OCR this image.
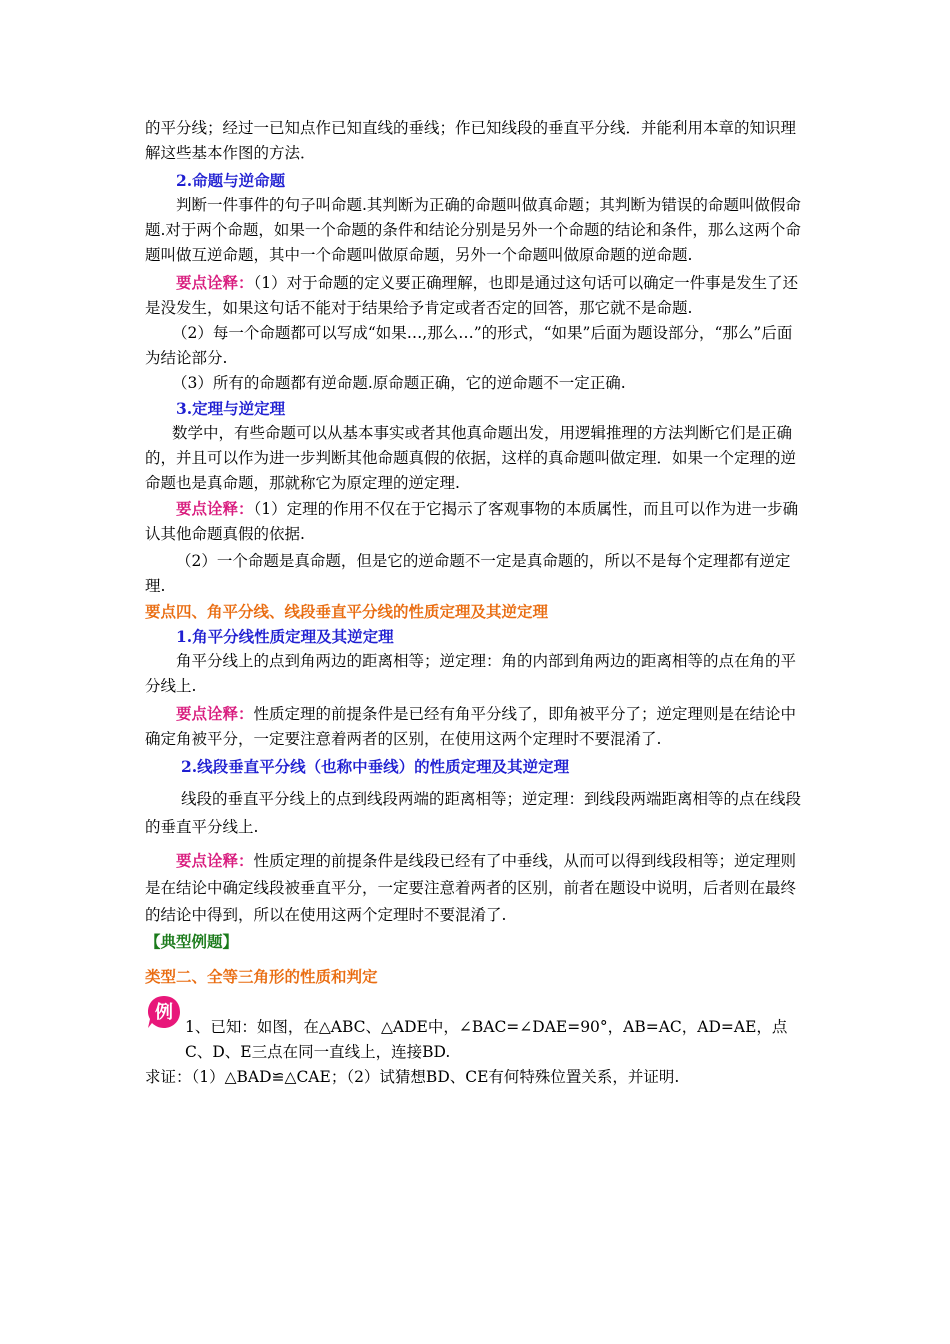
的平分线；经过一已知点作已知直线的垂线；作已知线段的垂直平分线．并能利用本章的知识理解这些基本作图的方法．

2.命题与逆命题

判断一件事件的句子叫命题.其判断为正确的命题叫做真命题；其判断为错误的命题叫做假命题.对于两个命题，如果一个命题的条件和结论分别是另外一个命题的结论和条件，那么这两个命题叫做互逆命题，其中一个命题叫做原命题，另外一个命题叫做原命题的逆命题.

要点诠释：（1）对于命题的定义要正确理解，也即是通过这句话可以确定一件事是发生了还是没发生，如果这句话不能对于结果给予肯定或者否定的回答，那它就不是命题.

（2）每一个命题都可以写成“如果…,那么…”的形式，“如果”后面为题设部分，“那么”后面为结论部分.

（3）所有的命题都有逆命题.原命题正确，它的逆命题不一定正确.

3.定理与逆定理

数学中，有些命题可以从基本事实或者其他真命题出发，用逻辑推理的方法判断它们是正确的，并且可以作为进一步判断其他命题真假的依据，这样的真命题叫做定理．如果一个定理的逆命题也是真命题，那就称它为原定理的逆定理.

要点诠释：（1）定理的作用不仅在于它揭示了客观事物的本质属性，而且可以作为进一步确认其他命题真假的依据.

（2）一个命题是真命题，但是它的逆命题不一定是真命题的，所以不是每个定理都有逆定理.

要点四、角平分线、线段垂直平分线的性质定理及其逆定理

1.角平分线性质定理及其逆定理

角平分线上的点到角两边的距离相等；逆定理：角的内部到角两边的距离相等的点在角的平分线上.

要点诠释：性质定理的前提条件是已经有角平分线了，即角被平分了；逆定理则是在结论中确定角被平分，一定要注意着两者的区别，在使用这两个定理时不要混淆了.

2.线段垂直平分线（也称中垂线）的性质定理及其逆定理

线段的垂直平分线上的点到线段两端的距离相等；逆定理：到线段两端距离相等的点在线段的垂直平分线上.

要点诠释：性质定理的前提条件是线段已经有了中垂线，从而可以得到线段相等；逆定理则是在结论中确定线段被垂直平分，一定要注意着两者的区别，前者在题设中说明，后者则在最终的结论中得到，所以在使用这两个定理时不要混淆了.

【典型例题】

类型二、全等三角形的性质和判定

例

1、已知：如图，在△ABC、△ADE中，∠BAC=∠DAE=90°，AB=AC，AD=AE，点C、D、E三点在同一直线上，连接BD.

求证：（1）△BAD≌△CAE；（2）试猜想BD、CE有何特殊位置关系，并证明.
